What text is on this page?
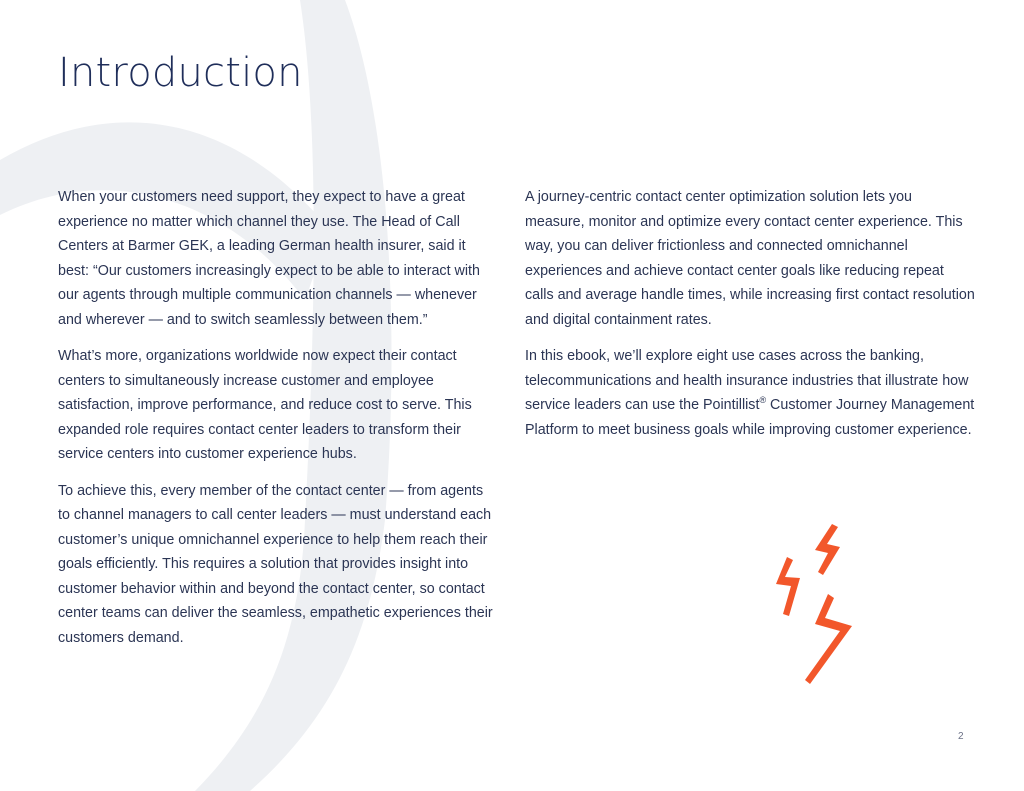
Introduction

When your customers need support, they expect to have a great experience no matter which channel they use. The Head of Call Centers at Barmer GEK, a leading German health insurer, said it best: “Our customers increasingly expect to be able to interact with our agents through multiple communication channels — whenever and wherever — and to switch seamlessly between them.”

What’s more, organizations worldwide now expect their contact centers to simultaneously increase customer and employee satisfaction, improve performance, and reduce cost to serve. This expanded role requires contact center leaders to transform their service centers into customer experience hubs.

To achieve this, every member of the contact center — from agents to channel managers to call center leaders — must understand each customer’s unique omnichannel experience to help them reach their goals efficiently. This requires a solution that provides insight into customer behavior within and beyond the contact center, so contact center teams can deliver the seamless, empathetic experiences their customers demand.

A journey-centric contact center optimization solution lets you measure, monitor and optimize every contact center experience. This way, you can deliver frictionless and connected omnichannel experiences and achieve contact center goals like reducing repeat calls and average handle times, while increasing first contact resolution and digital containment rates.

In this ebook, we’ll explore eight use cases across the banking, telecommunications and health insurance industries that illustrate how service leaders can use the Pointillist® Customer Journey Management Platform to meet business goals while improving customer experience.

2
